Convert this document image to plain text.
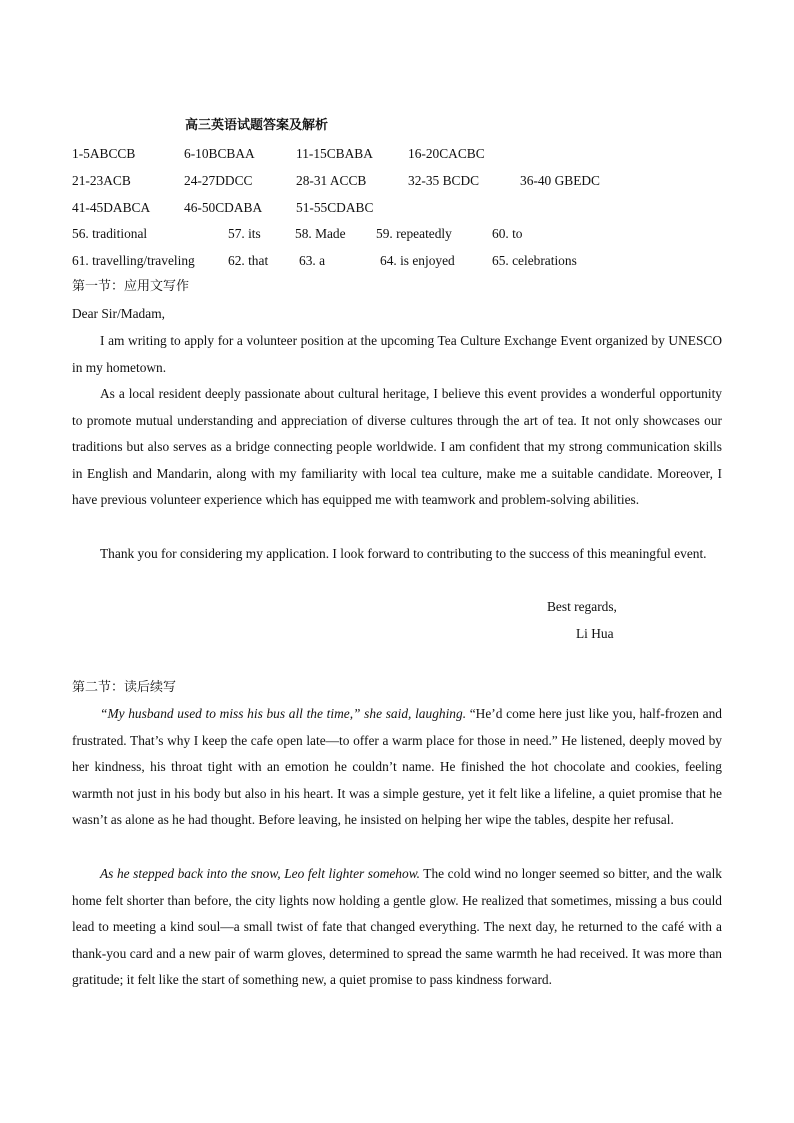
高三英语试题答案及解析
1-5ABCCB	6-10BCBAA	11-15CBABA	16-20CACBC
21-23ACB	24-27DDCC	28-31 ACCB	32-35 BCDC	36-40 GBEDC
41-45DABCA	46-50CDABA	51-55CDABC
56. traditional	57. its	58. Made 59. repeatedly	60. to
61. travelling/traveling 62. that 63. a	64. is enjoyed	65. celebrations
第一节：应用文写作
Dear Sir/Madam,

I am writing to apply for a volunteer position at the upcoming Tea Culture Exchange Event organized by UNESCO in my hometown.

As a local resident deeply passionate about cultural heritage, I believe this event provides a wonderful opportunity to promote mutual understanding and appreciation of diverse cultures through the art of tea. It not only showcases our traditions but also serves as a bridge connecting people worldwide. I am confident that my strong communication skills in English and Mandarin, along with my familiarity with local tea culture, make me a suitable candidate. Moreover, I have previous volunteer experience which has equipped me with teamwork and problem-solving abilities.

Thank you for considering my application. I look forward to contributing to the success of this meaningful event.

Best regards,
Li Hua
第二节：读后续写

“My husband used to miss his bus all the time,” she said, laughing. “He’d come here just like you, half-frozen and frustrated. That’s why I keep the cafe open late—to offer a warm place for those in need.” He listened, deeply moved by her kindness, his throat tight with an emotion he couldn’t name. He finished the hot chocolate and cookies, feeling warmth not just in his body but also in his heart. It was a simple gesture, yet it felt like a lifeline, a quiet promise that he wasn’t as alone as he had thought. Before leaving, he insisted on helping her wipe the tables, despite her refusal.

As he stepped back into the snow, Leo felt lighter somehow. The cold wind no longer seemed so bitter, and the walk home felt shorter than before, the city lights now holding a gentle glow. He realized that sometimes, missing a bus could lead to meeting a kind soul—a small twist of fate that changed everything. The next day, he returned to the café with a thank-you card and a new pair of warm gloves, determined to spread the same warmth he had received. It was more than gratitude; it felt like the start of something new, a quiet promise to pass kindness forward.
